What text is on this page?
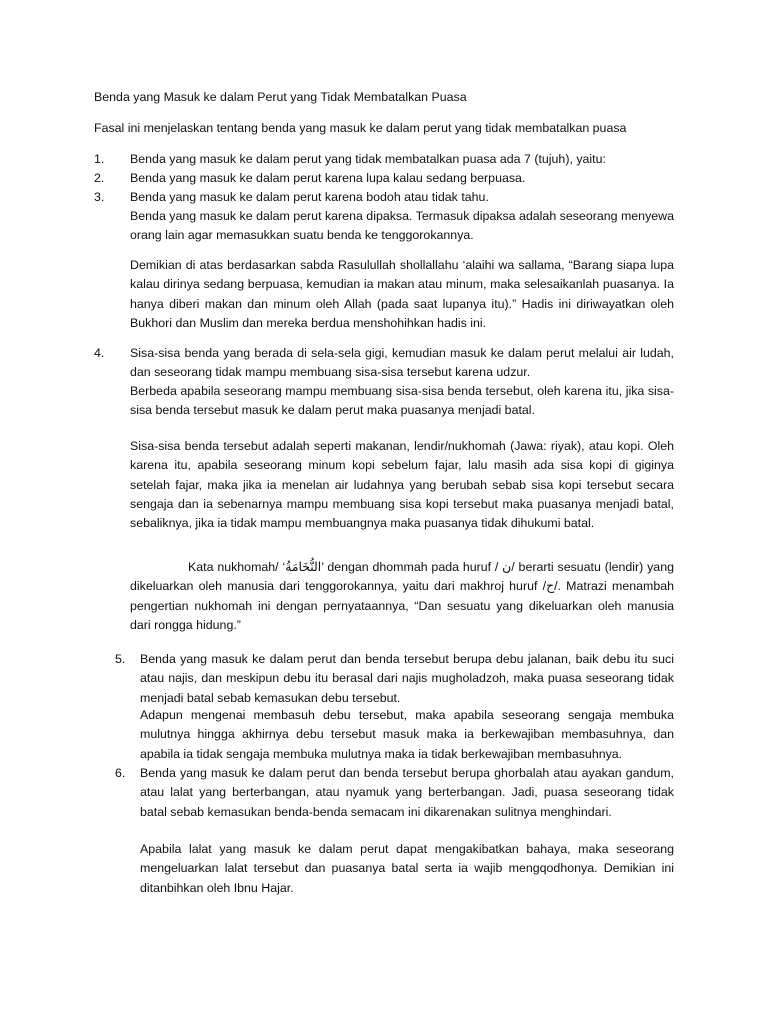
Benda yang Masuk ke dalam Perut yang Tidak Membatalkan Puasa

Fasal ini menjelaskan tentang benda yang masuk ke dalam perut yang tidak membatalkan puasa

1. Benda yang masuk ke dalam perut yang tidak membatalkan puasa ada 7 (tujuh), yaitu:

2. Benda yang masuk ke dalam perut karena lupa kalau sedang berpuasa.

3. Benda yang masuk ke dalam perut karena bodoh atau tidak tahu.

Benda yang masuk ke dalam perut karena dipaksa. Termasuk dipaksa adalah seseorang menyewa orang lain agar memasukkan suatu benda ke tenggorokannya.

Demikian di atas berdasarkan sabda Rasulullah shollallahu ‘alaihi wa sallama, “Barang siapa lupa kalau dirinya sedang berpuasa, kemudian ia makan atau minum, maka selesaikanlah puasanya. Ia hanya diberi makan dan minum oleh Allah (pada saat lupanya itu).” Hadis ini diriwayatkan oleh Bukhori dan Muslim dan mereka berdua menshohihkan hadis ini.

4. Sisa-sisa benda yang berada di sela-sela gigi, kemudian masuk ke dalam perut melalui air ludah, dan seseorang tidak mampu membuang sisa-sisa tersebut karena udzur.

Berbeda apabila seseorang mampu membuang sisa-sisa benda tersebut, oleh karena itu, jika sisa-sisa benda tersebut masuk ke dalam perut maka puasanya menjadi batal.

Sisa-sisa benda tersebut adalah seperti makanan, lendir/nukhomah (Jawa: riyak), atau kopi. Oleh karena itu, apabila seseorang minum kopi sebelum fajar, lalu masih ada sisa kopi di giginya setelah fajar, maka jika ia menelan air ludahnya yang berubah sebab sisa kopi tersebut secara sengaja dan ia sebenarnya mampu membuang sisa kopi tersebut maka puasanya menjadi batal, sebaliknya, jika ia tidak mampu membuangnya maka puasanya tidak dihukumi batal.

Kata nukhomah/ ‘النُّخَامَةُ’ dengan dhommah pada huruf / ن/ berarti sesuatu (lendir) yang dikeluarkan oleh manusia dari tenggorokannya, yaitu dari makhroj huruf /ح/. Matrazi menambah pengertian nukhomah ini dengan pernyataannya, “Dan sesuatu yang dikeluarkan oleh manusia dari rongga hidung.”

5. Benda yang masuk ke dalam perut dan benda tersebut berupa debu jalanan, baik debu itu suci atau najis, dan meskipun debu itu berasal dari najis mugholadzoh, maka puasa seseorang tidak menjadi batal sebab kemasukan debu tersebut.

Adapun mengenai membasuh debu tersebut, maka apabila seseorang sengaja membuka mulutnya hingga akhirnya debu tersebut masuk maka ia berkewajiban membasuhnya, dan apabila ia tidak sengaja membuka mulutnya maka ia tidak berkewajiban membasuhnya.

6. Benda yang masuk ke dalam perut dan benda tersebut berupa ghorbalah atau ayakan gandum, atau lalat yang berterbangan, atau nyamuk yang berterbangan. Jadi, puasa seseorang tidak batal sebab kemasukan benda-benda semacam ini dikarenakan sulitnya menghindari.

Apabila lalat yang masuk ke dalam perut dapat mengakibatkan bahaya, maka seseorang mengeluarkan lalat tersebut dan puasanya batal serta ia wajib mengqodhonya. Demikian ini ditanbihkan oleh Ibnu Hajar.
